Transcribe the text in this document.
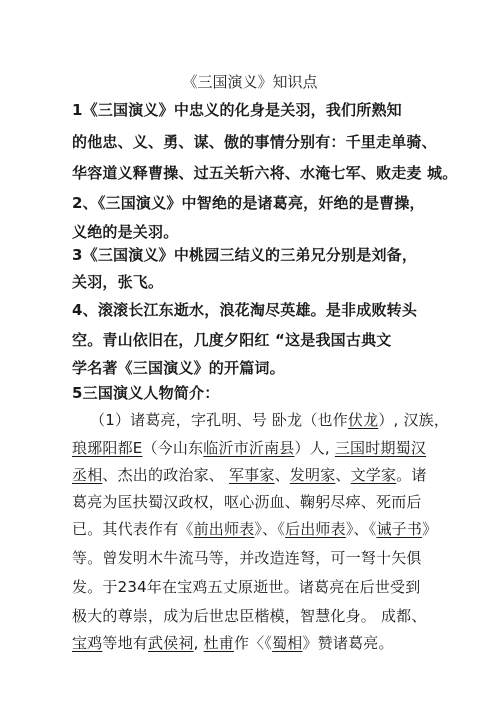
《三国演义》知识点
1《三国演义》中忠义的化身是关羽，我们所熟知
的他忠、义、勇、谋、傲的事情分别有：千里走单骑、
华容道义释曹操、过五关斩六将、水淹七军、败走麦 城。
2、《三国演义》中智绝的是诸葛亮，奸绝的是曹操，
义绝的是关羽。
3《三国演义》中桃园三结义的三弟兄分别是刘备，
关羽，张飞。
4、滚滚长江东逝水，浪花淘尽英雄。是非成败转头
空。青山依旧在，几度夕阳红 “这是我国古典文
学名著《三国演义》的开篇词。
5三国演义人物简介：
（1）诸葛亮，字孔明、号 卧龙（也作伏龙）, 汉族，
琅琊阳都E（今山东临沂市沂南县）人, 三国时期蜀汉
丞相、杰出的政治家、 军事家、发明家、文学家。诸
葛亮为匡扶蜀汉政权，呕心沥血、鞠躬尽瘁、死而后
已。其代表作有《前出师表》、《后出师表》、《诫子书》
等。曾发明木牛流马等，并改造连弩，可一弩十矢俱
发。于234年在宝鸡五丈原逝世。诸葛亮在后世受到
极大的尊崇，成为后世忠臣楷模，智慧化身。 成都、
宝鸡等地有武侯祠, 杜甫作〈《蜀相》赞诸葛亮。
